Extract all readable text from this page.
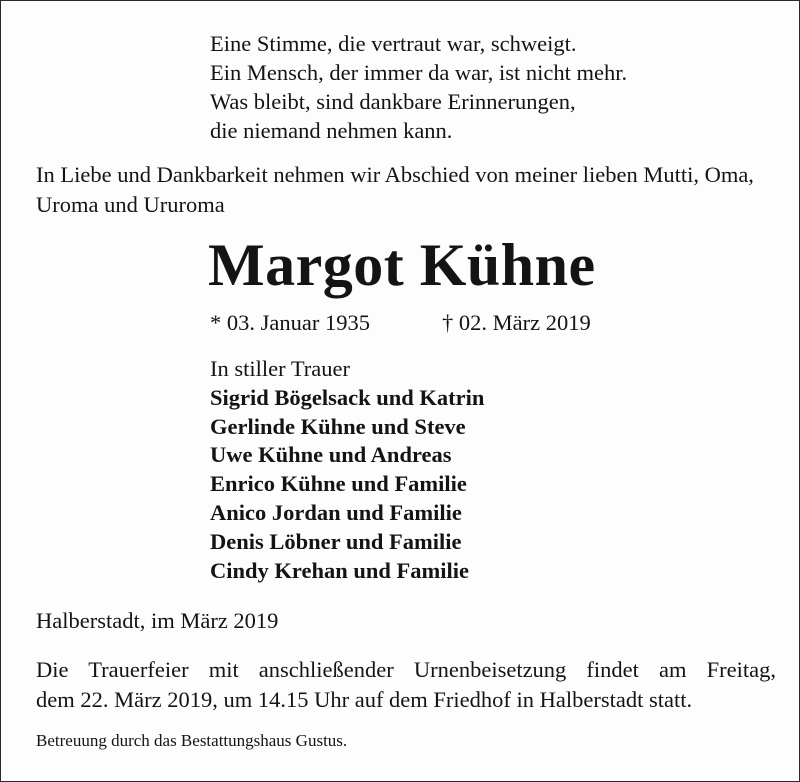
Eine Stimme, die vertraut war, schweigt.
Ein Mensch, der immer da war, ist nicht mehr.
Was bleibt, sind dankbare Erinnerungen,
die niemand nehmen kann.
In Liebe und Dankbarkeit nehmen wir Abschied von meiner lieben Mutti, Oma, Uroma und Ururoma
Margot Kühne
* 03. Januar 1935	† 02. März 2019
In stiller Trauer
Sigrid Bögelsack und Katrin
Gerlinde Kühne und Steve
Uwe Kühne und Andreas
Enrico Kühne und Familie
Anico Jordan und Familie
Denis Löbner und Familie
Cindy Krehan und Familie
Halberstadt, im März 2019
Die Trauerfeier mit anschließender Urnenbeisetzung findet am Freitag,
dem 22. März 2019, um 14.15 Uhr auf dem Friedhof in Halberstadt statt.
Betreuung durch das Bestattungshaus Gustus.
